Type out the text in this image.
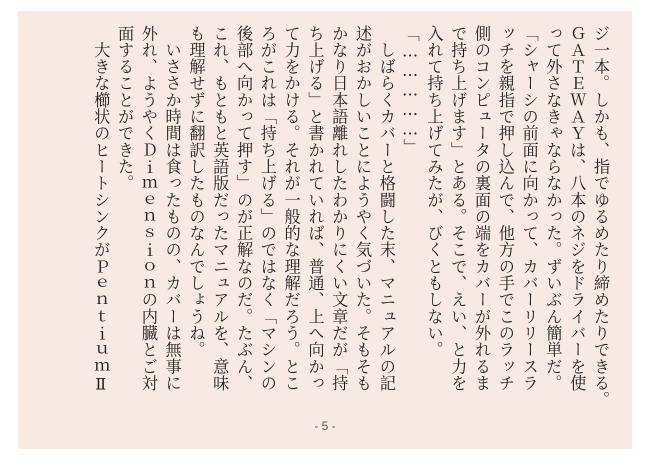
ジ一本。しかも、指でゆるめたり締めたりできる。
ＧＡＴＥＷＡＹは、八本のネジをドライバーを使
って外さなきゃならなかった。ずいぶん簡単だ。
「シャーシの前面に向かって、カバーリリースラ
ッチを親指で押し込んで、他方の手でこのラッチ
側のコンピュータの裏面の端をカバーが外れるま
で持ち上げます」とある。そこで、えい、と力を
入れて持ち上げてみたが、びくともしない。
「……………」
　しばらくカバーと格闘した末、マニュアルの記
述がおかしいことにようやく気づいた。そもそも
かなり日本語離れしたわかりにくい文章だが「持
ち上げる」と書かれていれば、普通、上へ向かっ
て力をかける。それが一般的な理解だろう。とこ
ろがこれは「持ち上げる」のではなく「マシンの
後部へ向かって押す」のが正解なのだ。たぶん、
これ、もともと英語版だったマニュアルを、意味
も理解せずに翻訳したものなんでしょうね。
　いささか時間は食ったものの、カバーは無事に
外れ、ようやくＤｉｍｅｎｓｉｏｎの内臓とご対
面することができた。
　大きな櫛状のヒートシンクがＰｅｎｔｉｕｍⅡ
- 5 -
